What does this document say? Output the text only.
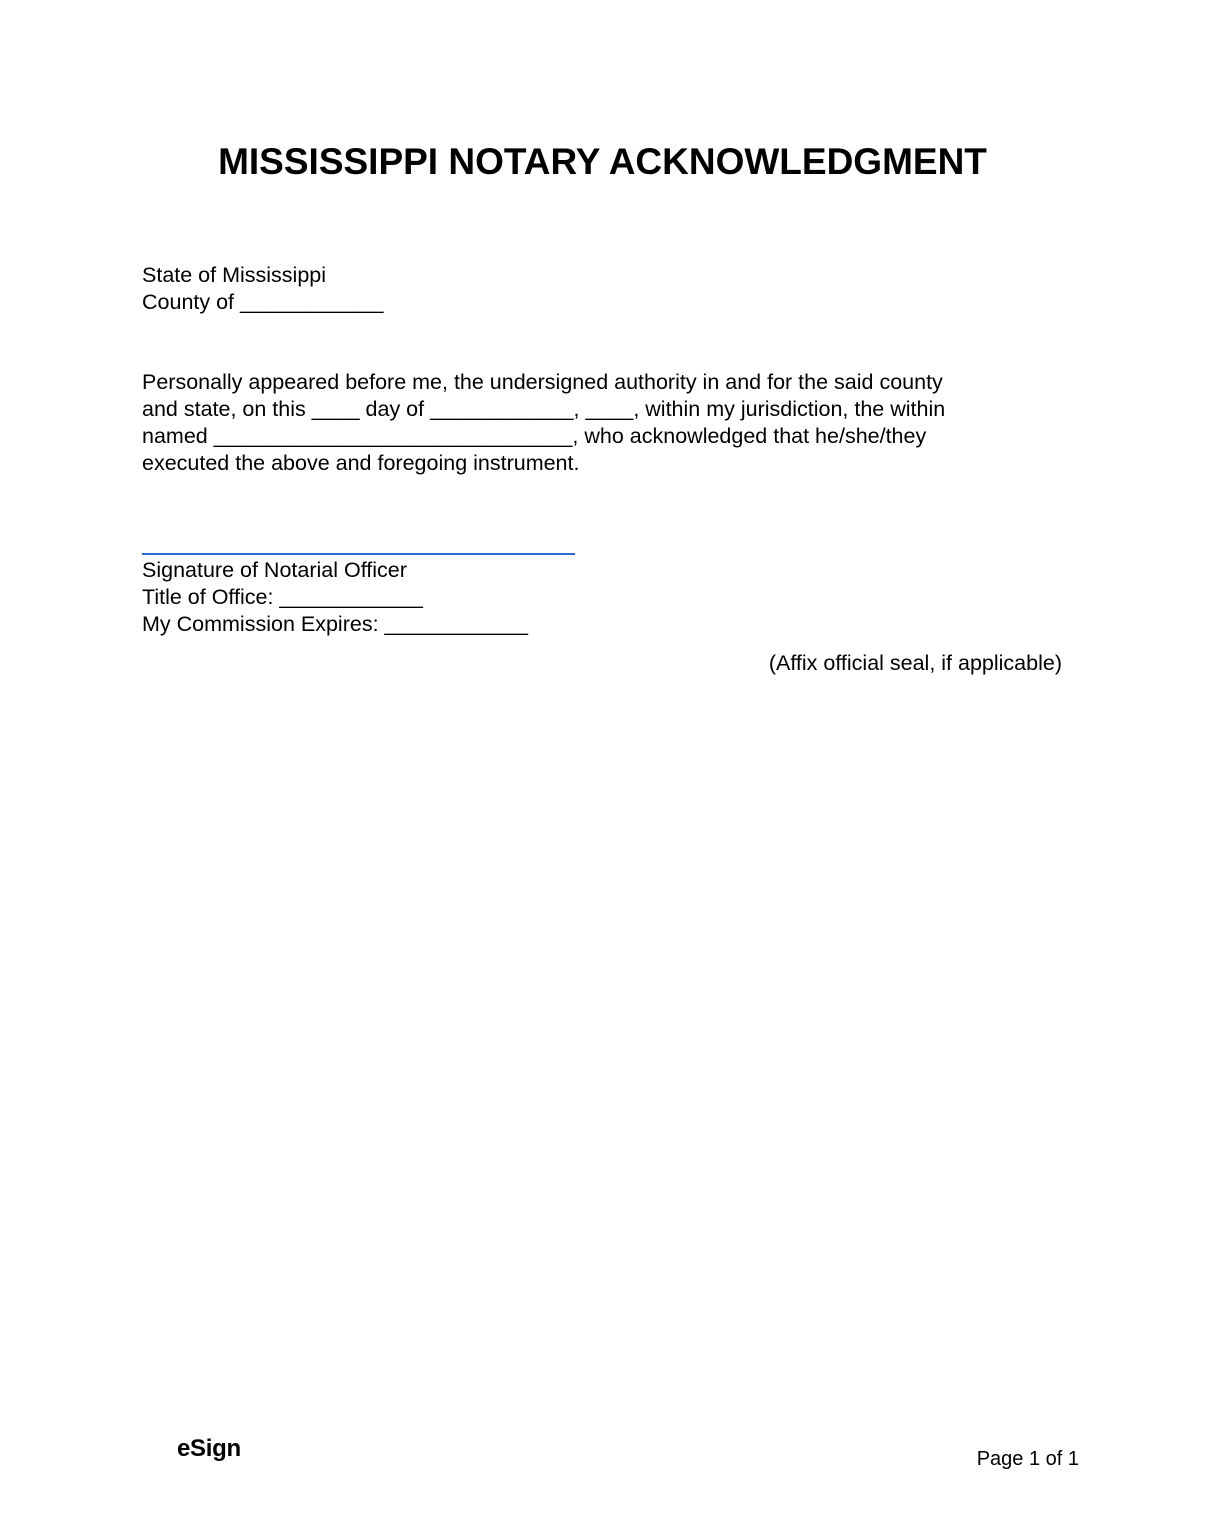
MISSISSIPPI NOTARY ACKNOWLEDGMENT
State of Mississippi
County of ____________
Personally appeared before me, the undersigned authority in and for the said county
and state, on this ____ day of ____________, ____, within my jurisdiction, the within
named ______________________________, who acknowledged that he/she/they
executed the above and foregoing instrument.
Signature of Notarial Officer
Title of Office: ____________
My Commission Expires: ____________
(Affix official seal, if applicable)
eSign	Page 1 of 1
